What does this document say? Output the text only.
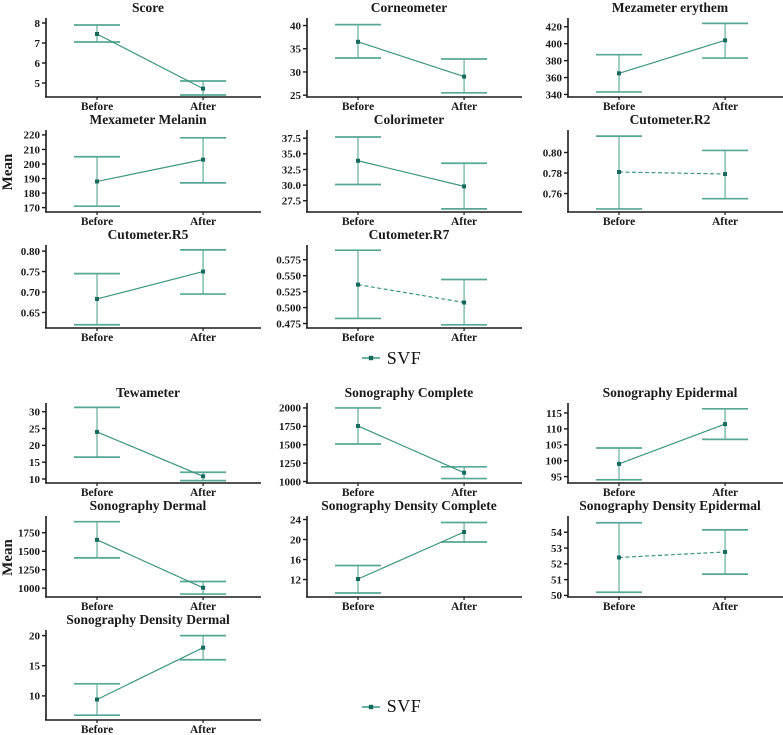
Score
5
6
7
8
Before	After
Corneometer
25
30
35
40
Before	After
Mezameter erythem
340
360
380
400
420
Before	After
Mexameter Melanin
170
180
190
200
210
220
Before	After
Mean
Colorimeter
27.5
30.0
32.5
35.0
37.5
Before	After
Cutometer.R2
0.76
0.78
0.80
Before	After
Cutometer.R5
0.65
0.70
0.75
0.80
Before	After
Cutometer.R7
0.475
0.500
0.525
0.550
0.575
Before	After
SVF
Tewameter
10
15
20
25
30
Before	After
Sonography Complete
1000
1250
1500
1750
2000
Before	After
Sonography Epidermal
95
100
105
110
115
Before	After
Sonography Dermal
1000
1250
1500
1750
Before	After
Mean
Sonography Density Complete
12
16
20
24
Before	After
Sonography Density Epidermal
50
51
52
53
54
Before	After
Sonography Density Dermal
10
15
20
Before	After
SVF
